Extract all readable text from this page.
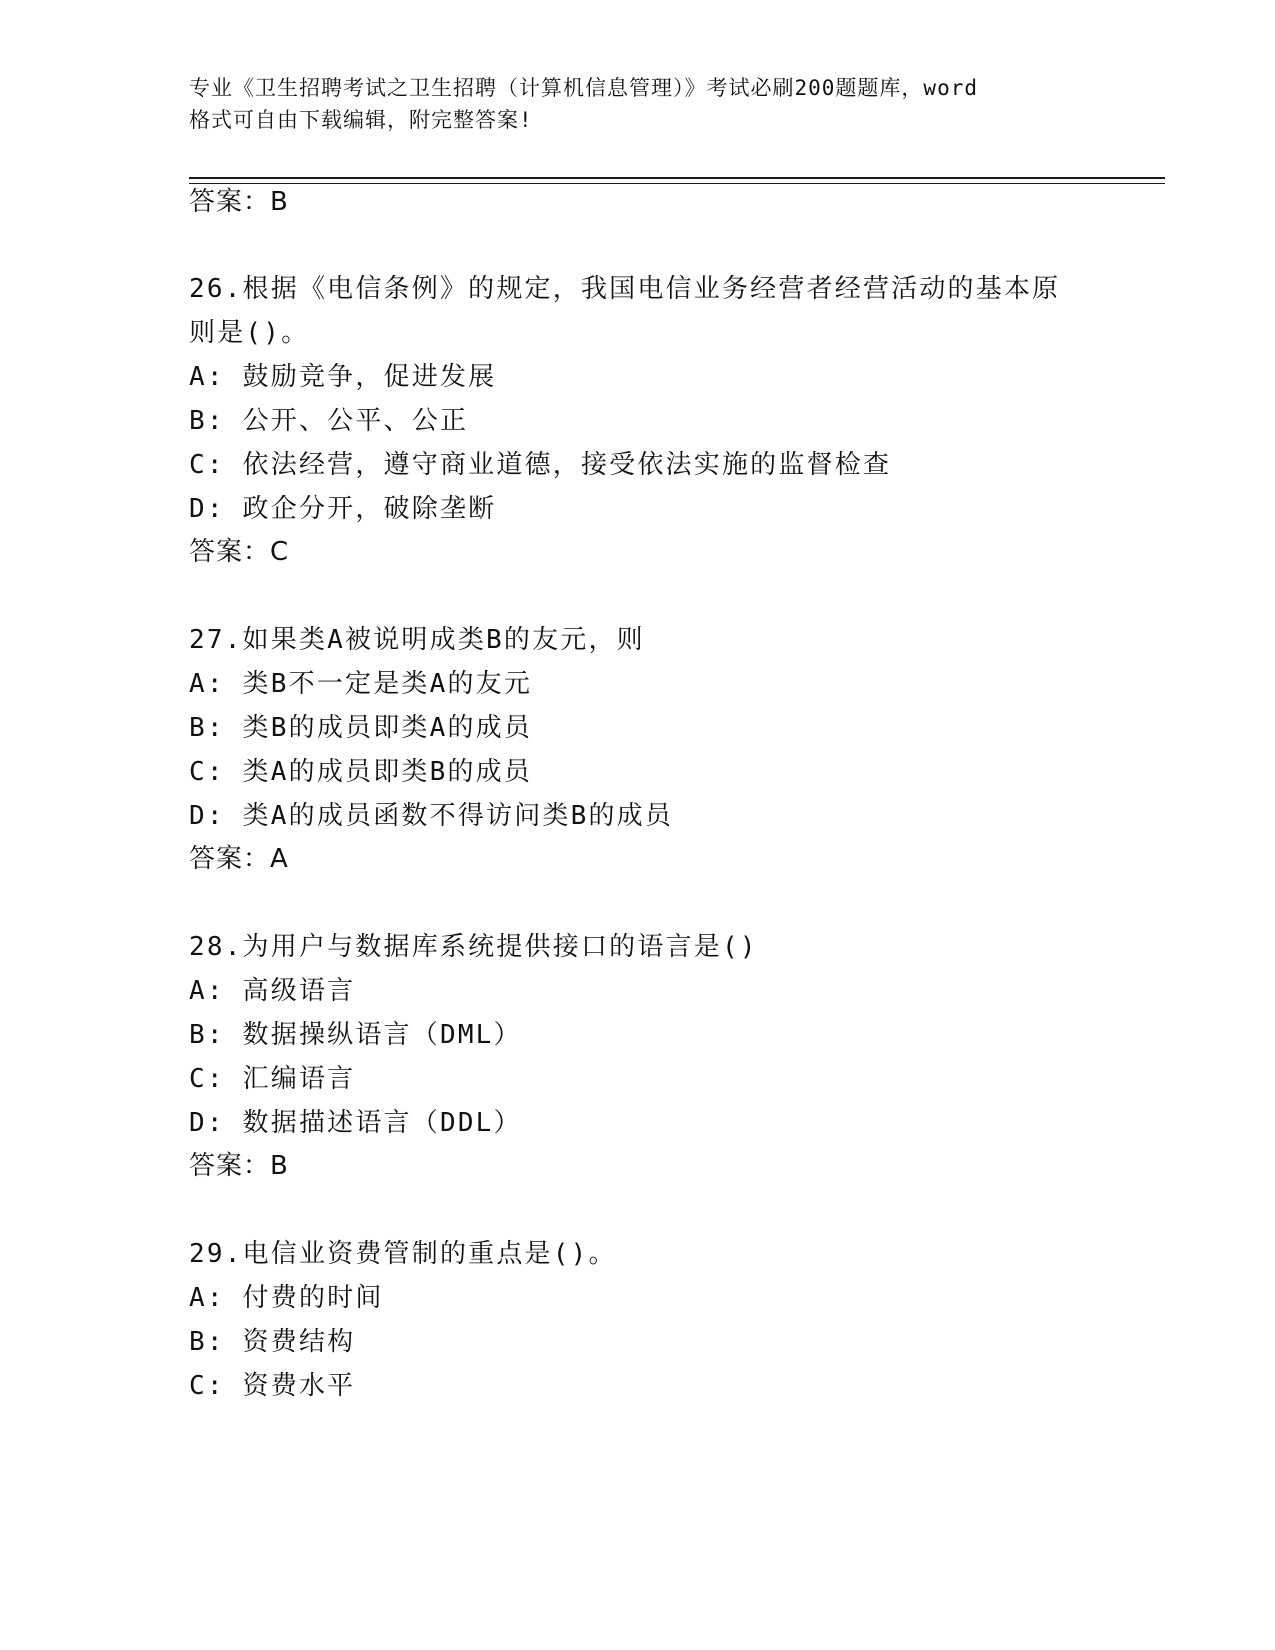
专业《卫生招聘考试之卫生招聘（计算机信息管理）》考试必刷200题题库，word
格式可自由下载编辑，附完整答案!
答案：B
26.根据《电信条例》的规定，我国电信业务经营者经营活动的基本原
则是()。
A: 鼓励竞争，促进发展
B: 公开、公平、公正
C: 依法经营，遵守商业道德，接受依法实施的监督检查
D: 政企分开，破除垄断
答案：C
27.如果类A被说明成类B的友元，则
A: 类B不一定是类A的友元
B: 类B的成员即类A的成员
C: 类A的成员即类B的成员
D: 类A的成员函数不得访问类B的成员
答案：A
28.为用户与数据库系统提供接口的语言是()
A: 高级语言
B: 数据操纵语言（DML）
C: 汇编语言
D: 数据描述语言（DDL）
答案：B
29.电信业资费管制的重点是()。
A: 付费的时间
B: 资费结构
C: 资费水平
